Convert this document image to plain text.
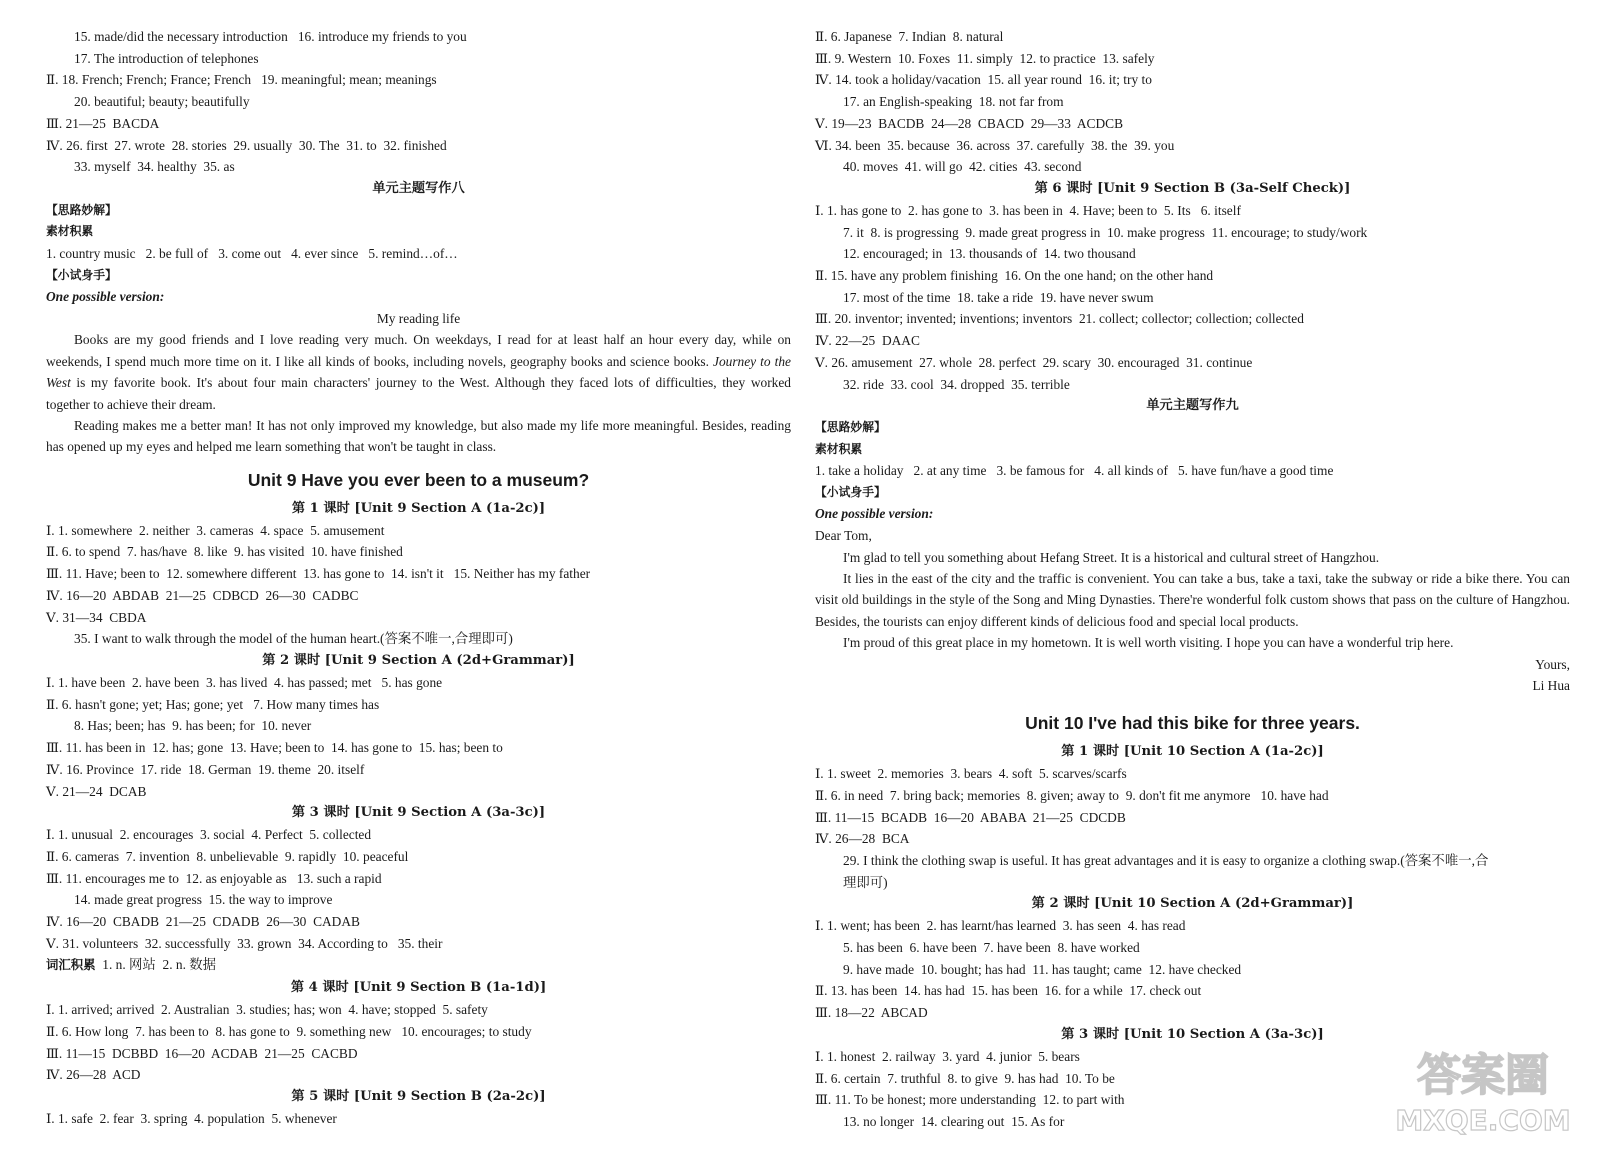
15. made/did the necessary introduction   16. introduce my friends to you
17. The introduction of telephones
Ⅱ. 18. French; French; France; French   19. meaningful; mean; meanings
20. beautiful; beauty; beautifully
Ⅲ. 21—25  BACDA
Ⅳ. 26. first  27. wrote  28. stories  29. usually  30. The  31. to  32. finished
33. myself  34. healthy  35. as
单元主题写作八
【思路妙解】
素材积累
1. country music   2. be full of   3. come out   4. ever since   5. remind…of…
【小试身手】
One possible version:
My reading life

Books are my good friends and I love reading very much. On weekdays, I read for at least half an hour every day, while on weekends, I spend much more time on it. I like all kinds of books, including novels, geography books and science books. Journey to the West is my favorite book. It's about four main characters' journey to the West. Although they faced lots of difficulties, they worked together to achieve their dream.

Reading makes me a better man! It has not only improved my knowledge, but also made my life more meaningful. Besides, reading has opened up my eyes and helped me learn something that won't be taught in class.

Unit 9 Have you ever been to a museum?
第 1 课时 [Unit 9 Section A (1a-2c)]
Ⅰ. 1. somewhere  2. neither  3. cameras  4. space  5. amusement
Ⅱ. 6. to spend  7. has/have  8. like  9. has visited  10. have finished
Ⅲ. 11. Have; been to  12. somewhere different  13. has gone to  14. isn't it   15. Neither has my father
Ⅳ. 16—20  ABDAB  21—25  CDBCD  26—30  CADBC
Ⅴ. 31—34  CBDA
35. I want to walk through the model of the human heart.(答案不唯一,合理即可)
第 2 课时 [Unit 9 Section A (2d+Grammar)]
Ⅰ. 1. have been  2. have been  3. has lived  4. has passed; met   5. has gone
Ⅱ. 6. hasn't gone; yet; Has; gone; yet   7. How many times has
8. Has; been; has  9. has been; for  10. never
Ⅲ. 11. has been in  12. has; gone  13. Have; been to  14. has gone to  15. has; been to
Ⅳ. 16. Province  17. ride  18. German  19. theme  20. itself
Ⅴ. 21—24  DCAB
第 3 课时 [Unit 9 Section A (3a-3c)]
Ⅰ. 1. unusual  2. encourages  3. social  4. Perfect  5. collected
Ⅱ. 6. cameras  7. invention  8. unbelievable  9. rapidly  10. peaceful
Ⅲ. 11. encourages me to  12. as enjoyable as   13. such a rapid
14. made great progress  15. the way to improve
Ⅳ. 16—20  CBADB  21—25  CDADB  26—30  CADAB
Ⅴ. 31. volunteers  32. successfully  33. grown  34. According to   35. their
词汇积累  1. n. 网站  2. n. 数据
第 4 课时 [Unit 9 Section B (1a-1d)]
Ⅰ. 1. arrived; arrived  2. Australian  3. studies; has; won  4. have; stopped  5. safety
Ⅱ. 6. How long  7. has been to  8. has gone to  9. something new   10. encourages; to study
Ⅲ. 11—15  DCBBD  16—20  ACDAB  21—25  CACBD
Ⅳ. 26—28  ACD
第 5 课时 [Unit 9 Section B (2a-2c)]
Ⅰ. 1. safe  2. fear  3. spring  4. population  5. whenever
Ⅱ. 6. Japanese  7. Indian  8. natural
Ⅲ. 9. Western  10. Foxes  11. simply  12. to practice  13. safely
Ⅳ. 14. took a holiday/vacation  15. all year round  16. it; try to
17. an English-speaking  18. not far from
Ⅴ. 19—23  BACDB  24—28  CBACD  29—33  ACDCB
Ⅵ. 34. been  35. because  36. across  37. carefully  38. the  39. you
40. moves  41. will go  42. cities  43. second
第 6 课时 [Unit 9 Section B (3a-Self Check)]
Ⅰ. 1. has gone to  2. has gone to  3. has been in  4. Have; been to  5. Its   6. itself
7. it  8. is progressing  9. made great progress in  10. make progress  11. encourage; to study/work
12. encouraged; in  13. thousands of  14. two thousand
Ⅱ. 15. have any problem finishing  16. On the one hand; on the other hand
17. most of the time  18. take a ride  19. have never swum
Ⅲ. 20. inventor; invented; inventions; inventors  21. collect; collector; collection; collected
Ⅳ. 22—25  DAAC
Ⅴ. 26. amusement  27. whole  28. perfect  29. scary  30. encouraged  31. continue
32. ride  33. cool  34. dropped  35. terrible
单元主题写作九
【思路妙解】
素材积累
1. take a holiday   2. at any time   3. be famous for   4. all kinds of   5. have fun/have a good time
【小试身手】
One possible version:
Dear Tom,

I'm glad to tell you something about Hefang Street. It is a historical and cultural street of Hangzhou.

It lies in the east of the city and the traffic is convenient. You can take a bus, take a taxi, take the subway or ride a bike there. You can visit old buildings in the style of the Song and Ming Dynasties. There're wonderful folk custom shows that pass on the culture of Hangzhou. Besides, the tourists can enjoy different kinds of delicious food and special local products.

I'm proud of this great place in my hometown. It is well worth visiting. I hope you can have a wonderful trip here.

Yours,
Li Hua
Unit 10 I've had this bike for three years.
第 1 课时 [Unit 10 Section A (1a-2c)]
Ⅰ. 1. sweet  2. memories  3. bears  4. soft  5. scarves/scarfs
Ⅱ. 6. in need  7. bring back; memories  8. given; away to  9. don't fit me anymore   10. have had
Ⅲ. 11—15  BCADB  16—20  ABABA  21—25  CDCDB
Ⅳ. 26—28  BCA
29. I think the clothing swap is useful. It has great advantages and it is easy to organize a clothing swap.(答案不唯一,合
理即可)
第 2 课时 [Unit 10 Section A (2d+Grammar)]
Ⅰ. 1. went; has been  2. has learnt/has learned  3. has seen  4. has read
5. has been  6. have been  7. have been  8. have worked
9. have made  10. bought; has had  11. has taught; came  12. have checked
Ⅱ. 13. has been  14. has had  15. has been  16. for a while  17. check out
Ⅲ. 18—22  ABCAD
第 3 课时 [Unit 10 Section A (3a-3c)]
Ⅰ. 1. honest  2. railway  3. yard  4. junior  5. bears
Ⅱ. 6. certain  7. truthful  8. to give  9. has had  10. To be
Ⅲ. 11. To be honest; more understanding  12. to part with
13. no longer  14. clearing out  15. As for
答案圈
MXQE.COM
